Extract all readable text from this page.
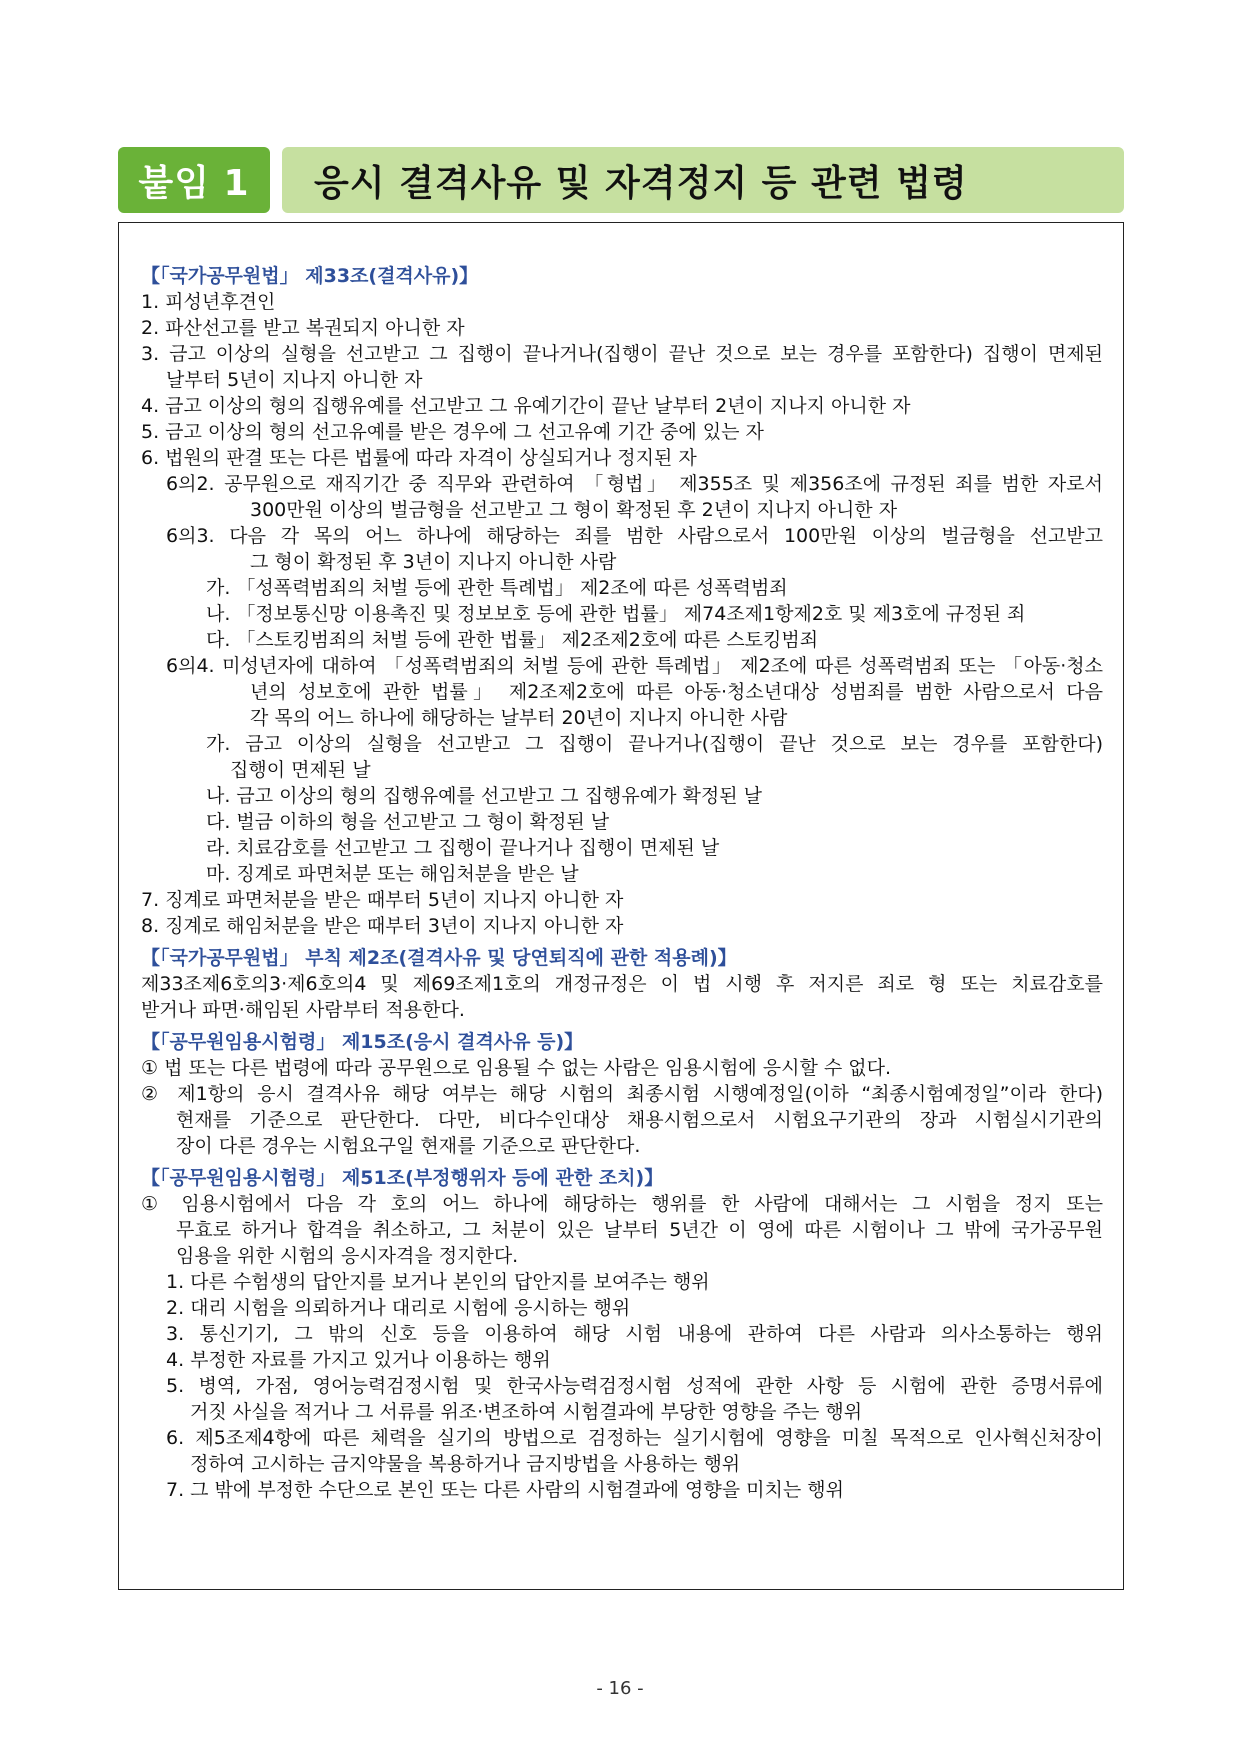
붙임 1	응시 결격사유 및 자격정지 등 관련 법령
【「국가공무원법」 제33조(결격사유)】
1. 피성년후견인
2. 파산선고를 받고 복권되지 아니한 자
3. 금고 이상의 실형을 선고받고 그 집행이 끝나거나(집행이 끝난 것으로 보는 경우를 포함한다) 집행이 면제된
날부터 5년이 지나지 아니한 자
4. 금고 이상의 형의 집행유예를 선고받고 그 유예기간이 끝난 날부터 2년이 지나지 아니한 자
5. 금고 이상의 형의 선고유예를 받은 경우에 그 선고유예 기간 중에 있는 자
6. 법원의 판결 또는 다른 법률에 따라 자격이 상실되거나 정지된 자
6의2. 공무원으로 재직기간 중 직무와 관련하여 「형법」 제355조 및 제356조에 규정된 죄를 범한 자로서
300만원 이상의 벌금형을 선고받고 그 형이 확정된 후 2년이 지나지 아니한 자
6의3. 다음 각 목의 어느 하나에 해당하는 죄를 범한 사람으로서 100만원 이상의 벌금형을 선고받고
그 형이 확정된 후 3년이 지나지 아니한 사람
가. 「성폭력범죄의 처벌 등에 관한 특례법」 제2조에 따른 성폭력범죄
나. 「정보통신망 이용촉진 및 정보보호 등에 관한 법률」 제74조제1항제2호 및 제3호에 규정된 죄
다. 「스토킹범죄의 처벌 등에 관한 법률」 제2조제2호에 따른 스토킹범죄
6의4. 미성년자에 대하여 「성폭력범죄의 처벌 등에 관한 특례법」 제2조에 따른 성폭력범죄 또는 「아동·청소
년의 성보호에 관한 법률」 제2조제2호에 따른 아동·청소년대상 성범죄를 범한 사람으로서 다음
각 목의 어느 하나에 해당하는 날부터 20년이 지나지 아니한 사람
가. 금고 이상의 실형을 선고받고 그 집행이 끝나거나(집행이 끝난 것으로 보는 경우를 포함한다)
집행이 면제된 날
나. 금고 이상의 형의 집행유예를 선고받고 그 집행유예가 확정된 날
다. 벌금 이하의 형을 선고받고 그 형이 확정된 날
라. 치료감호를 선고받고 그 집행이 끝나거나 집행이 면제된 날
마. 징계로 파면처분 또는 해임처분을 받은 날
7. 징계로 파면처분을 받은 때부터 5년이 지나지 아니한 자
8. 징계로 해임처분을 받은 때부터 3년이 지나지 아니한 자
【「국가공무원법」 부칙 제2조(결격사유 및 당연퇴직에 관한 적용례)】
제33조제6호의3·제6호의4 및 제69조제1호의 개정규정은 이 법 시행 후 저지른 죄로 형 또는 치료감호를
받거나 파면·해임된 사람부터 적용한다.
【「공무원임용시험령」 제15조(응시 결격사유 등)】
① 법 또는 다른 법령에 따라 공무원으로 임용될 수 없는 사람은 임용시험에 응시할 수 없다.
② 제1항의 응시 결격사유 해당 여부는 해당 시험의 최종시험 시행예정일(이하 “최종시험예정일”이라 한다)
현재를 기준으로 판단한다. 다만, 비다수인대상 채용시험으로서 시험요구기관의 장과 시험실시기관의
장이 다른 경우는 시험요구일 현재를 기준으로 판단한다.
【「공무원임용시험령」 제51조(부정행위자 등에 관한 조치)】
① 임용시험에서 다음 각 호의 어느 하나에 해당하는 행위를 한 사람에 대해서는 그 시험을 정지 또는
무효로 하거나 합격을 취소하고, 그 처분이 있은 날부터 5년간 이 영에 따른 시험이나 그 밖에 국가공무원
임용을 위한 시험의 응시자격을 정지한다.
1. 다른 수험생의 답안지를 보거나 본인의 답안지를 보여주는 행위
2. 대리 시험을 의뢰하거나 대리로 시험에 응시하는 행위
3. 통신기기, 그 밖의 신호 등을 이용하여 해당 시험 내용에 관하여 다른 사람과 의사소통하는 행위
4. 부정한 자료를 가지고 있거나 이용하는 행위
5. 병역, 가점, 영어능력검정시험 및 한국사능력검정시험 성적에 관한 사항 등 시험에 관한 증명서류에
거짓 사실을 적거나 그 서류를 위조·변조하여 시험결과에 부당한 영향을 주는 행위
6. 제5조제4항에 따른 체력을 실기의 방법으로 검정하는 실기시험에 영향을 미칠 목적으로 인사혁신처장이
정하여 고시하는 금지약물을 복용하거나 금지방법을 사용하는 행위
7. 그 밖에 부정한 수단으로 본인 또는 다른 사람의 시험결과에 영향을 미치는 행위
- 16 -
